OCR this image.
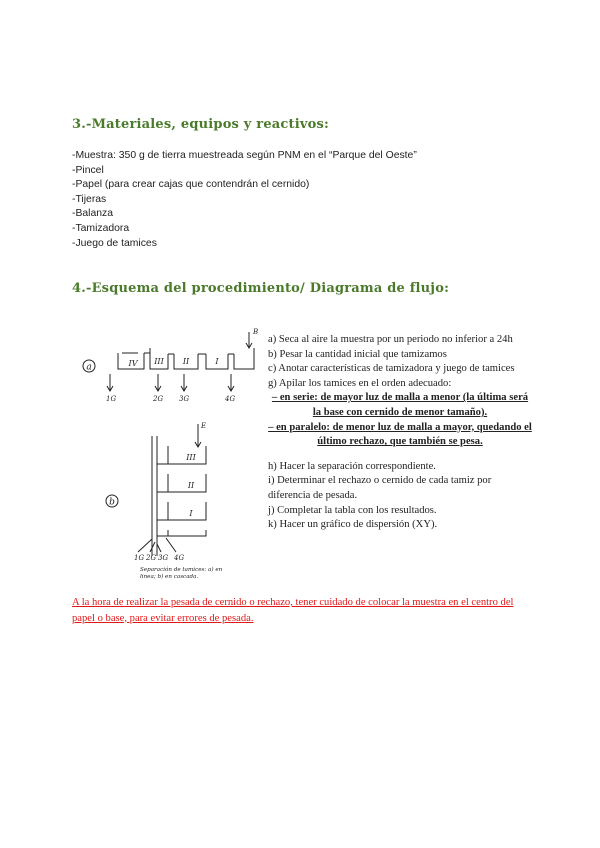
3.-Materiales, equipos y reactivos:
-Muestra: 350 g de tierra muestreada según PNM en el “Parque del Oeste”
-Pincel
-Papel (para crear cajas que contendrán el cernido)
-Tijeras
-Balanza
-Tamizadora
-Juego de tamices
4.-Esquema del procedimiento/ Diagrama de flujo:
a	IV III II	I
B
1G	2G 3G	4G
b
E
III
II
I
1G 2G 3G 4G
Separación de tamices: a) en
linea; b) en cascada.

a) Seca al aire la muestra por un periodo no inferior a 24h

b) Pesar la cantidad inicial que tamizamos

c) Anotar características de tamizadora y juego de tamices

g) Apilar los tamices en el orden adecuado:

– en serie: de mayor luz de malla a menor (la última será la base con cernido de menor tamaño).

– en paralelo: de menor luz de malla a mayor, quedando el último rechazo, que también se pesa.

h) Hacer la separación correspondiente.

i) Determinar el rechazo o cernido de cada tamiz por diferencia de pesada.

j) Completar la tabla con los resultados.

k) Hacer un gráfico de dispersión (XY).

A la hora de realizar la pesada de cernido o rechazo, tener cuidado de colocar la muestra en el centro del papel o base, para evitar errores de pesada.
